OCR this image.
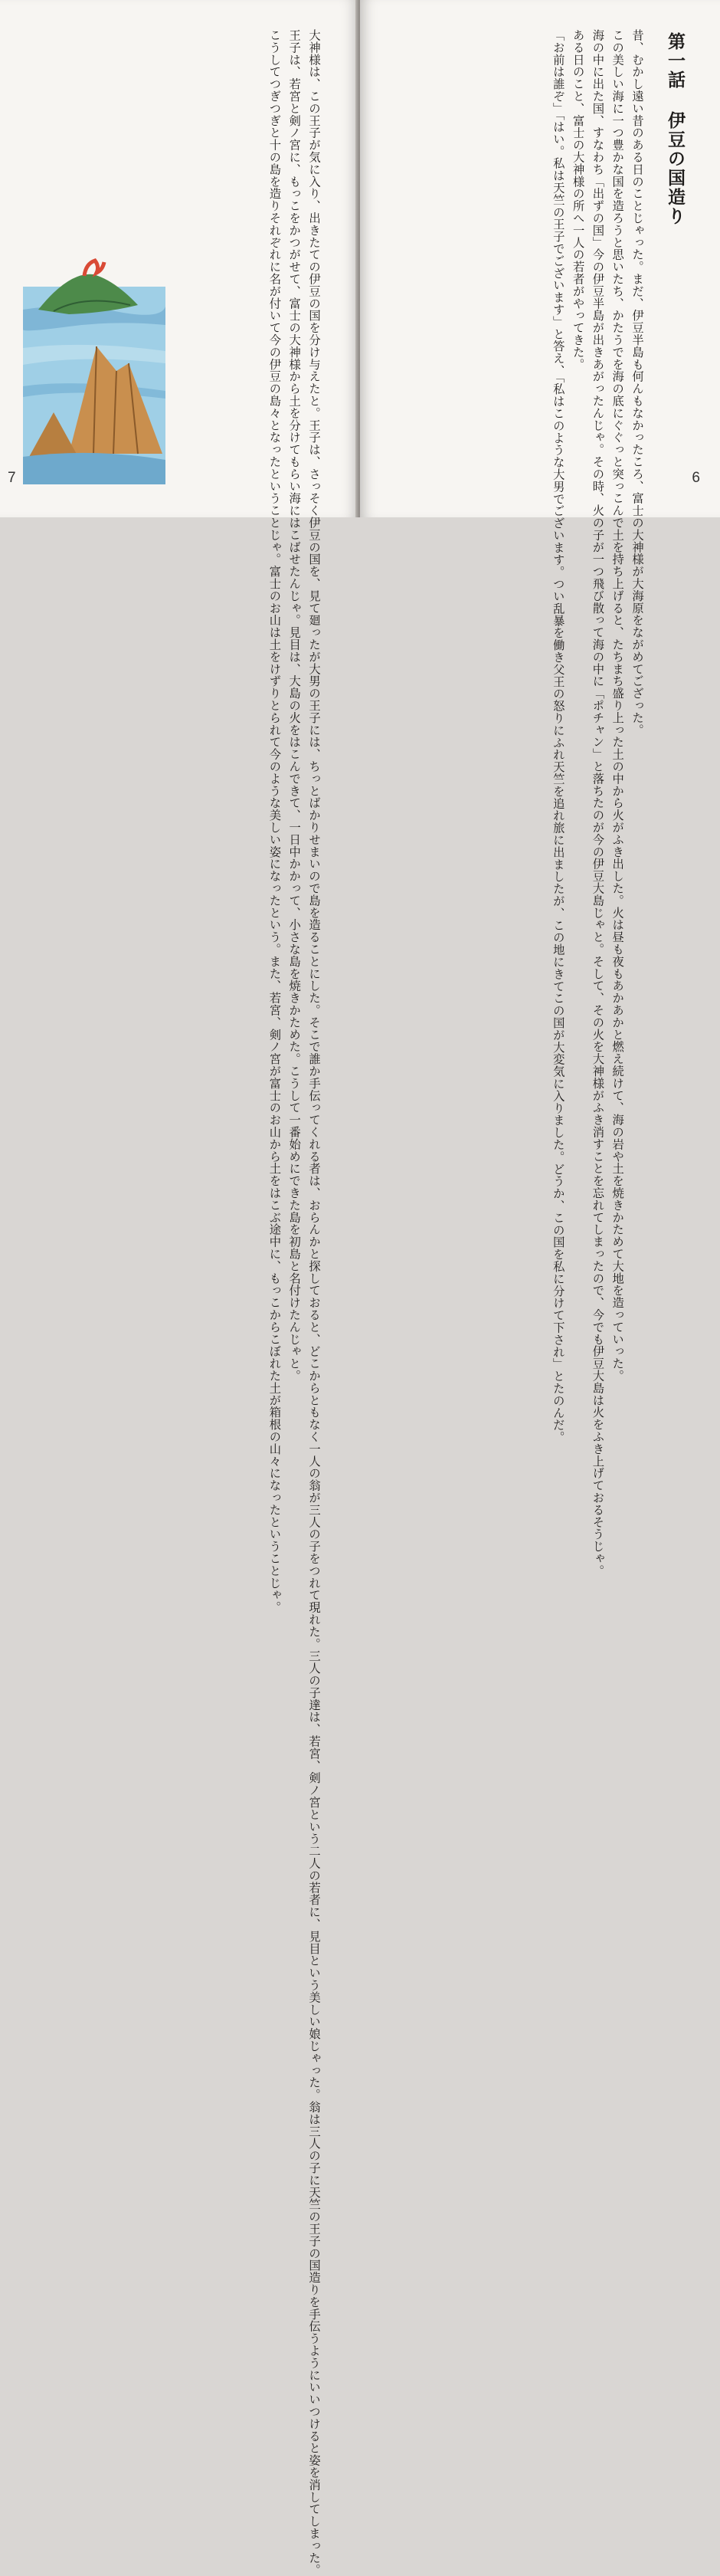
大神様は、この王子が気に入り、出きたての伊豆の国を分け与えたと。王子は、さっそく伊豆の国を、見て廻ったが大男の王子には、ちっとばかりせまいので島を造ることにした。そこで誰か手伝ってくれる者は、おらんかと探しておると、どこからともなく一人の翁が三人の子をつれて現れた。三人の子達は、若宮、剣ノ宮という二人の若者に、見目という美しい娘じゃった。翁は三人の子に天竺の王子の国造りを手伝うようにいいつけると姿を消してしまった。
王子は、若宮と剣ノ宮に、もっこをかつがせて、富士の大神様から土を分けてもらい海にはこばせたんじゃ。見目は、大島の火をはこんできて、一日中かかって、小さな島を焼きかためた。こうして一番始めにできた島を初島と名付けたんじゃと。
こうしてつぎつぎと十の島を造りそれぞれに名が付いて今の伊豆の島々となったということじゃ。富士のお山は土をけずりとられて今のような美しい姿になったという。また、若宮、剣ノ宮が富士のお山から土をはこぶ途中に、もっこからこぼれた土が箱根の山々になったということじゃ。
7
第一話伊豆の国造り
昔、むかし遠い昔のある日のことじゃった。まだ、伊豆半島も何んもなかったころ、富士の大神様が大海原をながめてござった。
この美しい海に一つ豊かな国を造ろうと思いたち、かたうでを海の底にぐぐっと突っこんで土を持ち上げると、たちまち盛り上った土の中から火がふき出した。火は昼も夜もあかあかと燃え続けて、海の岩や土を焼きかためて大地を造っていった。
海の中に出た国、すなわち「出ずの国」今の伊豆半島が出きあがったんじゃ。その時、火の子が一つ飛び散って海の中に「ポチャン」と落ちたのが今の伊豆大島じゃと。そして、その火を大神様がふき消すことを忘れてしまったので、今でも伊豆大島は火をふき上げておるそうじゃ。
ある日のこと、富士の大神様の所へ一人の若者がやってきた。
「お前は誰ぞ」「はい。私は天竺の王子でございます」と答え、「私はこのような大男でございます。つい乱暴を働き父王の怒りにふれ天竺を追れ旅に出ましたが、この地にきてこの国が大変気に入りました。どうか、この国を私に分けて下され」とたのんだ。	6
